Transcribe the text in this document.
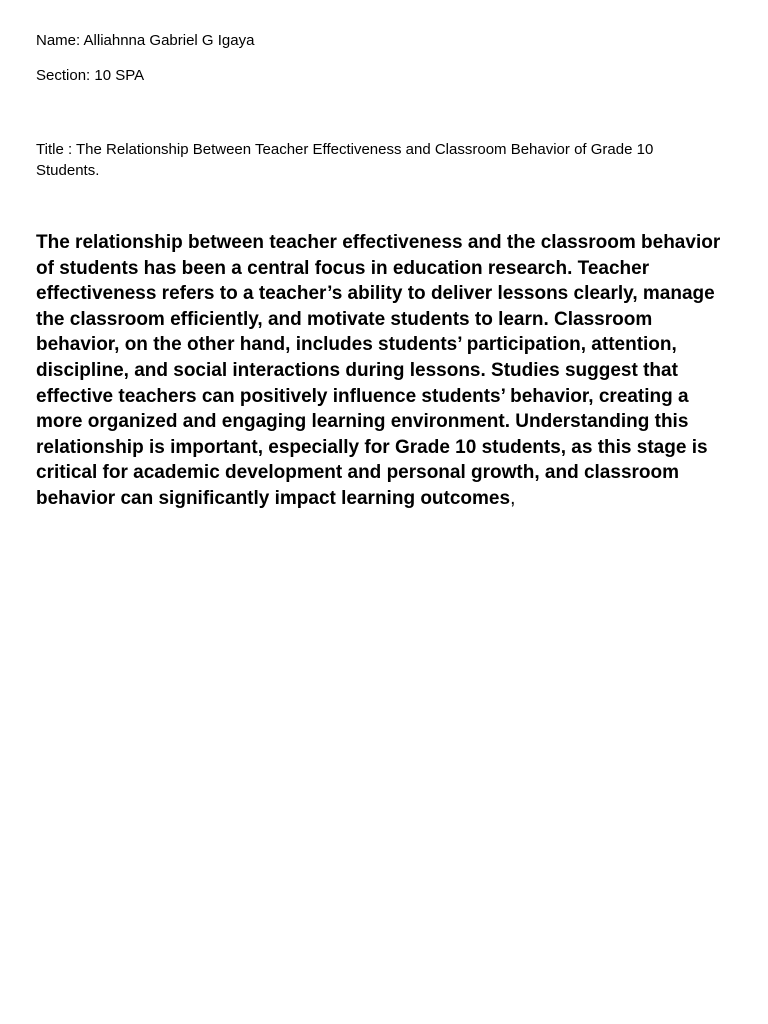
Name: Alliahnna Gabriel G Igaya

Section: 10 SPA

Title : The Relationship Between Teacher Effectiveness and Classroom Behavior of Grade 10 Students.

The relationship between teacher effectiveness and the classroom behavior of students has been a central focus in education research. Teacher effectiveness refers to a teacher’s ability to deliver lessons clearly, manage the classroom efficiently, and motivate students to learn. Classroom behavior, on the other hand, includes students’ participation, attention, discipline, and social interactions during lessons. Studies suggest that effective teachers can positively influence students’ behavior, creating a more organized and engaging learning environment. Understanding this relationship is important, especially for Grade 10 students, as this stage is critical for academic development and personal growth, and classroom behavior can significantly impact learning outcomes,
